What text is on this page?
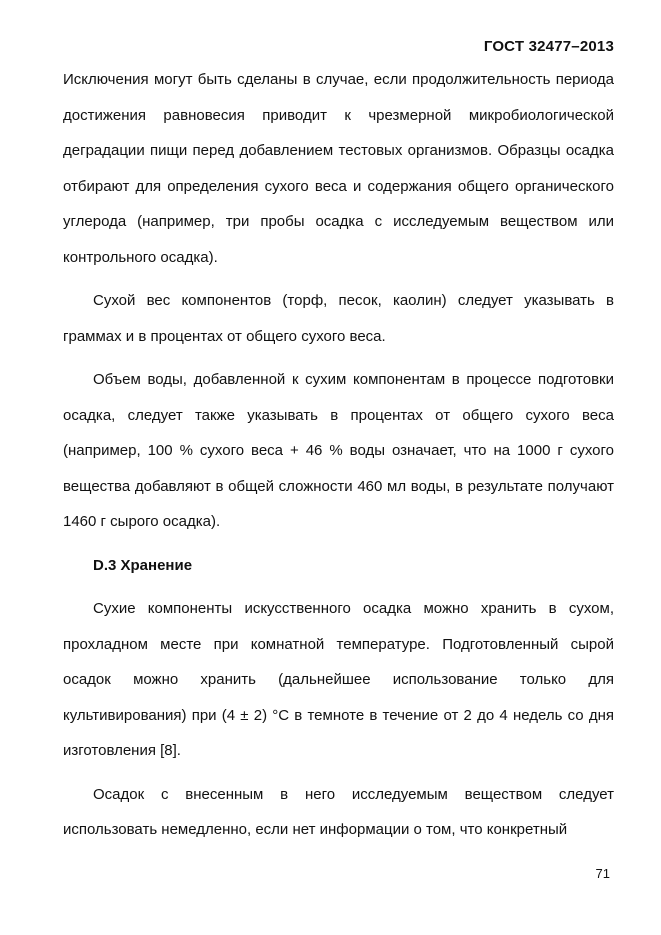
ГОСТ 32477–2013

Исключения могут быть сделаны в случае, если продолжительность периода достижения равновесия приводит к чрезмерной микробиологической деградации пищи перед добавлением тестовых организмов. Образцы осадка отбирают для определения сухого веса и содержания общего органического углерода (например, три пробы осадка с исследуемым веществом или контрольного осадка).

Сухой вес компонентов (торф, песок, каолин) следует указывать в граммах и в процентах от общего сухого веса.

Объем воды, добавленной к сухим компонентам в процессе подготовки осадка, следует также указывать в процентах от общего сухого веса (например, 100 % сухого веса + 46 % воды означает, что на 1000 г сухого вещества добавляют в общей сложности 460 мл воды, в результате получают 1460 г сырого осадка).

D.3 Хранение

Сухие компоненты искусственного осадка можно хранить в сухом, прохладном месте при комнатной температуре. Подготовленный сырой осадок можно хранить (дальнейшее использование только для культивирования) при (4 ± 2) °С в темноте в течение от 2 до 4 недель со дня изготовления [8].

Осадок с внесенным в него исследуемым веществом следует использовать немедленно, если нет информации о том, что конкретный

71
